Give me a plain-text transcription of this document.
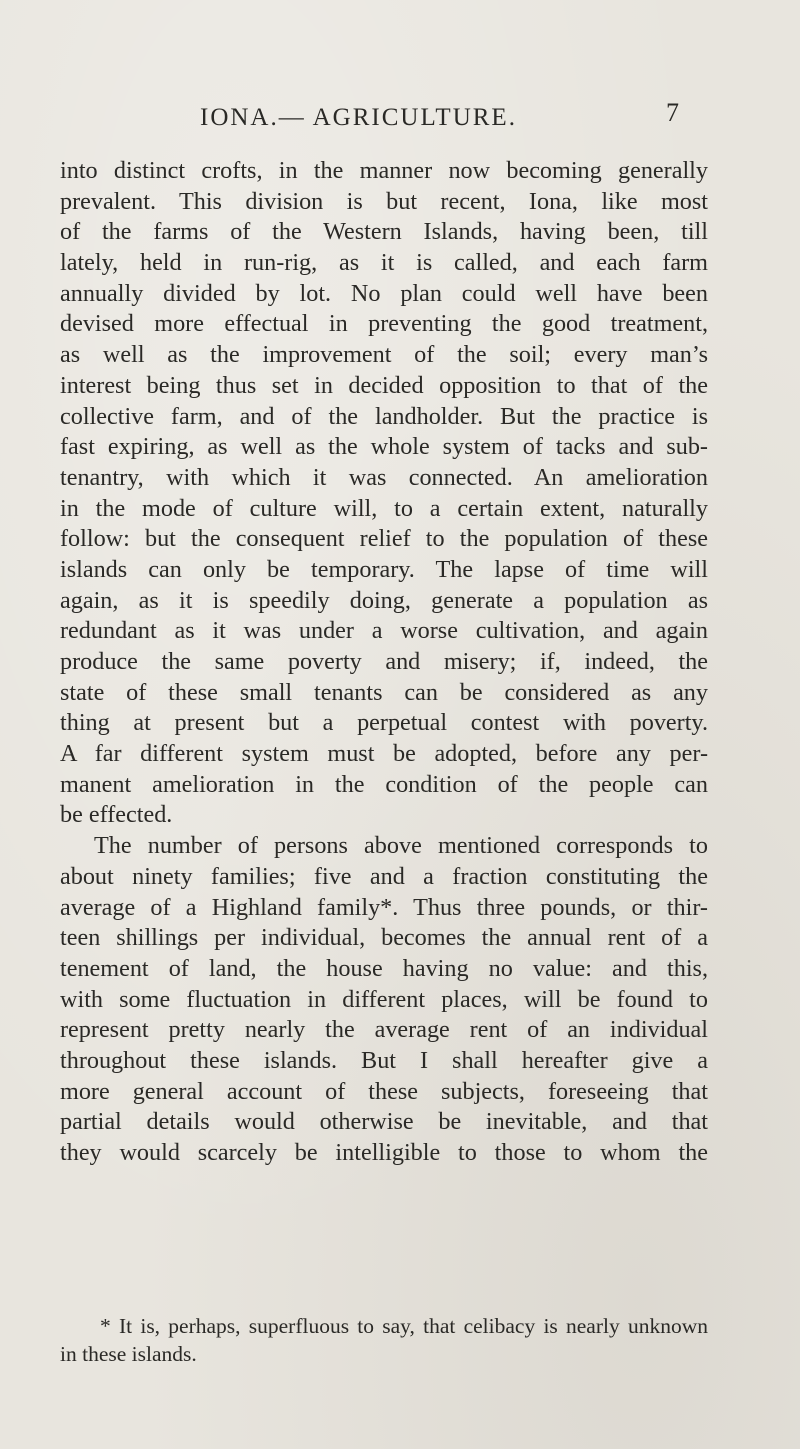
IONA.— AGRICULTURE.	7
into distinct crofts, in the manner now becoming generally
prevalent. This division is but recent, Iona, like most
of the farms of the Western Islands, having been, till
lately, held in run-rig, as it is called, and each farm
annually divided by lot. No plan could well have been
devised more effectual in preventing the good treatment,
as well as the improvement of the soil; every man’s
interest being thus set in decided opposition to that of the
collective farm, and of the landholder. But the practice is
fast expiring, as well as the whole system of tacks and sub-
tenantry, with which it was connected. An amelioration
in the mode of culture will, to a certain extent, naturally
follow: but the consequent relief to the population of these
islands can only be temporary. The lapse of time will
again, as it is speedily doing, generate a population as
redundant as it was under a worse cultivation, and again
produce the same poverty and misery; if, indeed, the
state of these small tenants can be considered as any
thing at present but a perpetual contest with poverty.
A far different system must be adopted, before any per-
manent amelioration in the condition of the people can
be effected.
The number of persons above mentioned corresponds to
about ninety families; five and a fraction constituting the
average of a Highland family*. Thus three pounds, or thir-
teen shillings per individual, becomes the annual rent of a
tenement of land, the house having no value: and this,
with some fluctuation in different places, will be found to
represent pretty nearly the average rent of an individual
throughout these islands. But I shall hereafter give a
more general account of these subjects, foreseeing that
partial details would otherwise be inevitable, and that
they would scarcely be intelligible to those to whom the
* It is, perhaps, superfluous to say, that celibacy is nearly unknown
in these islands.
